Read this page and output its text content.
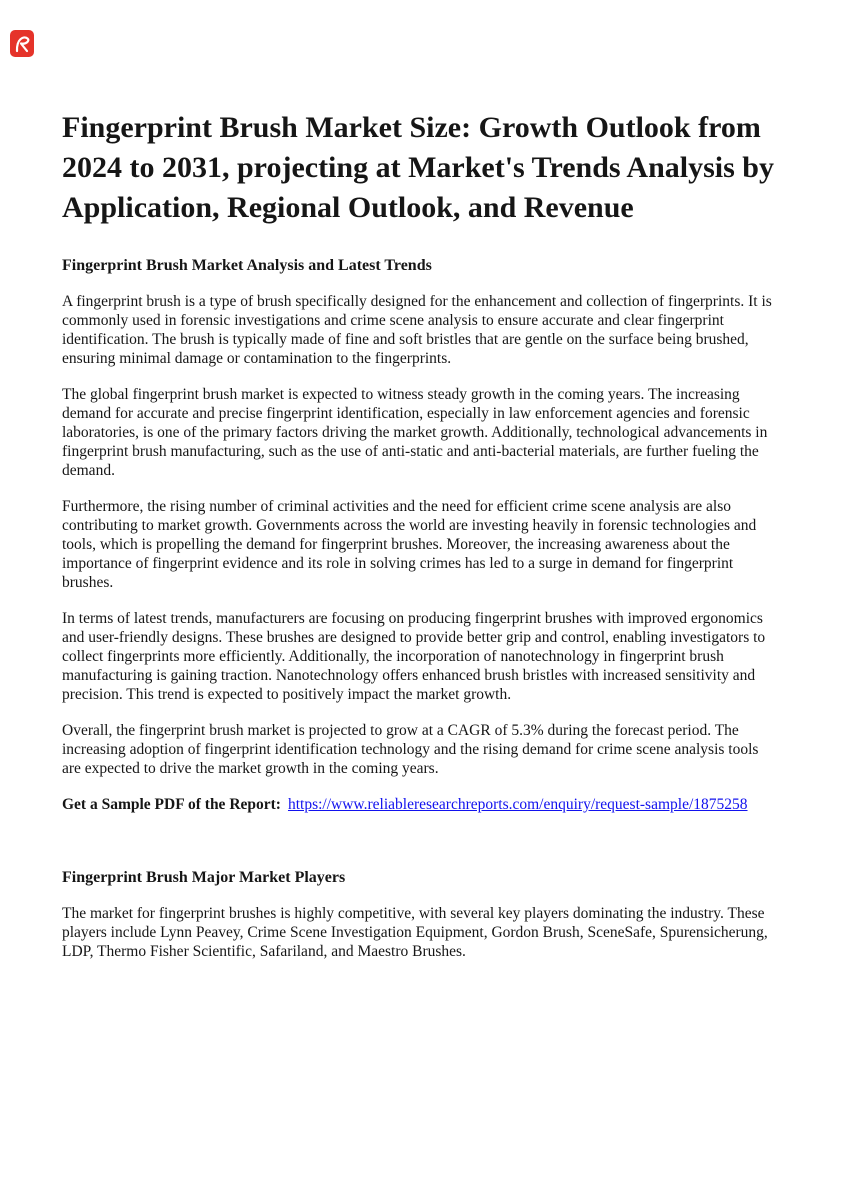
Fingerprint Brush Market Size: Growth Outlook from 2024 to 2031, projecting at Market's Trends Analysis by Application, Regional Outlook, and Revenue
Fingerprint Brush Market Analysis and Latest Trends

A fingerprint brush is a type of brush specifically designed for the enhancement and collection of fingerprints. It is commonly used in forensic investigations and crime scene analysis to ensure accurate and clear fingerprint identification. The brush is typically made of fine and soft bristles that are gentle on the surface being brushed, ensuring minimal damage or contamination to the fingerprints.

The global fingerprint brush market is expected to witness steady growth in the coming years. The increasing demand for accurate and precise fingerprint identification, especially in law enforcement agencies and forensic laboratories, is one of the primary factors driving the market growth. Additionally, technological advancements in fingerprint brush manufacturing, such as the use of anti-static and anti-bacterial materials, are further fueling the demand.

Furthermore, the rising number of criminal activities and the need for efficient crime scene analysis are also contributing to market growth. Governments across the world are investing heavily in forensic technologies and tools, which is propelling the demand for fingerprint brushes. Moreover, the increasing awareness about the importance of fingerprint evidence and its role in solving crimes has led to a surge in demand for fingerprint brushes.

In terms of latest trends, manufacturers are focusing on producing fingerprint brushes with improved ergonomics and user-friendly designs. These brushes are designed to provide better grip and control, enabling investigators to collect fingerprints more efficiently. Additionally, the incorporation of nanotechnology in fingerprint brush manufacturing is gaining traction. Nanotechnology offers enhanced brush bristles with increased sensitivity and precision. This trend is expected to positively impact the market growth.

Overall, the fingerprint brush market is projected to grow at a CAGR of 5.3% during the forecast period. The increasing adoption of fingerprint identification technology and the rising demand for crime scene analysis tools are expected to drive the market growth in the coming years.

Get a Sample PDF of the Report: https://www.reliableresearchreports.com/enquiry/request-sample/1875258

Fingerprint Brush Major Market Players

The market for fingerprint brushes is highly competitive, with several key players dominating the industry. These players include Lynn Peavey, Crime Scene Investigation Equipment, Gordon Brush, SceneSafe, Spurensicherung, LDP, Thermo Fisher Scientific, Safariland, and Maestro Brushes.
